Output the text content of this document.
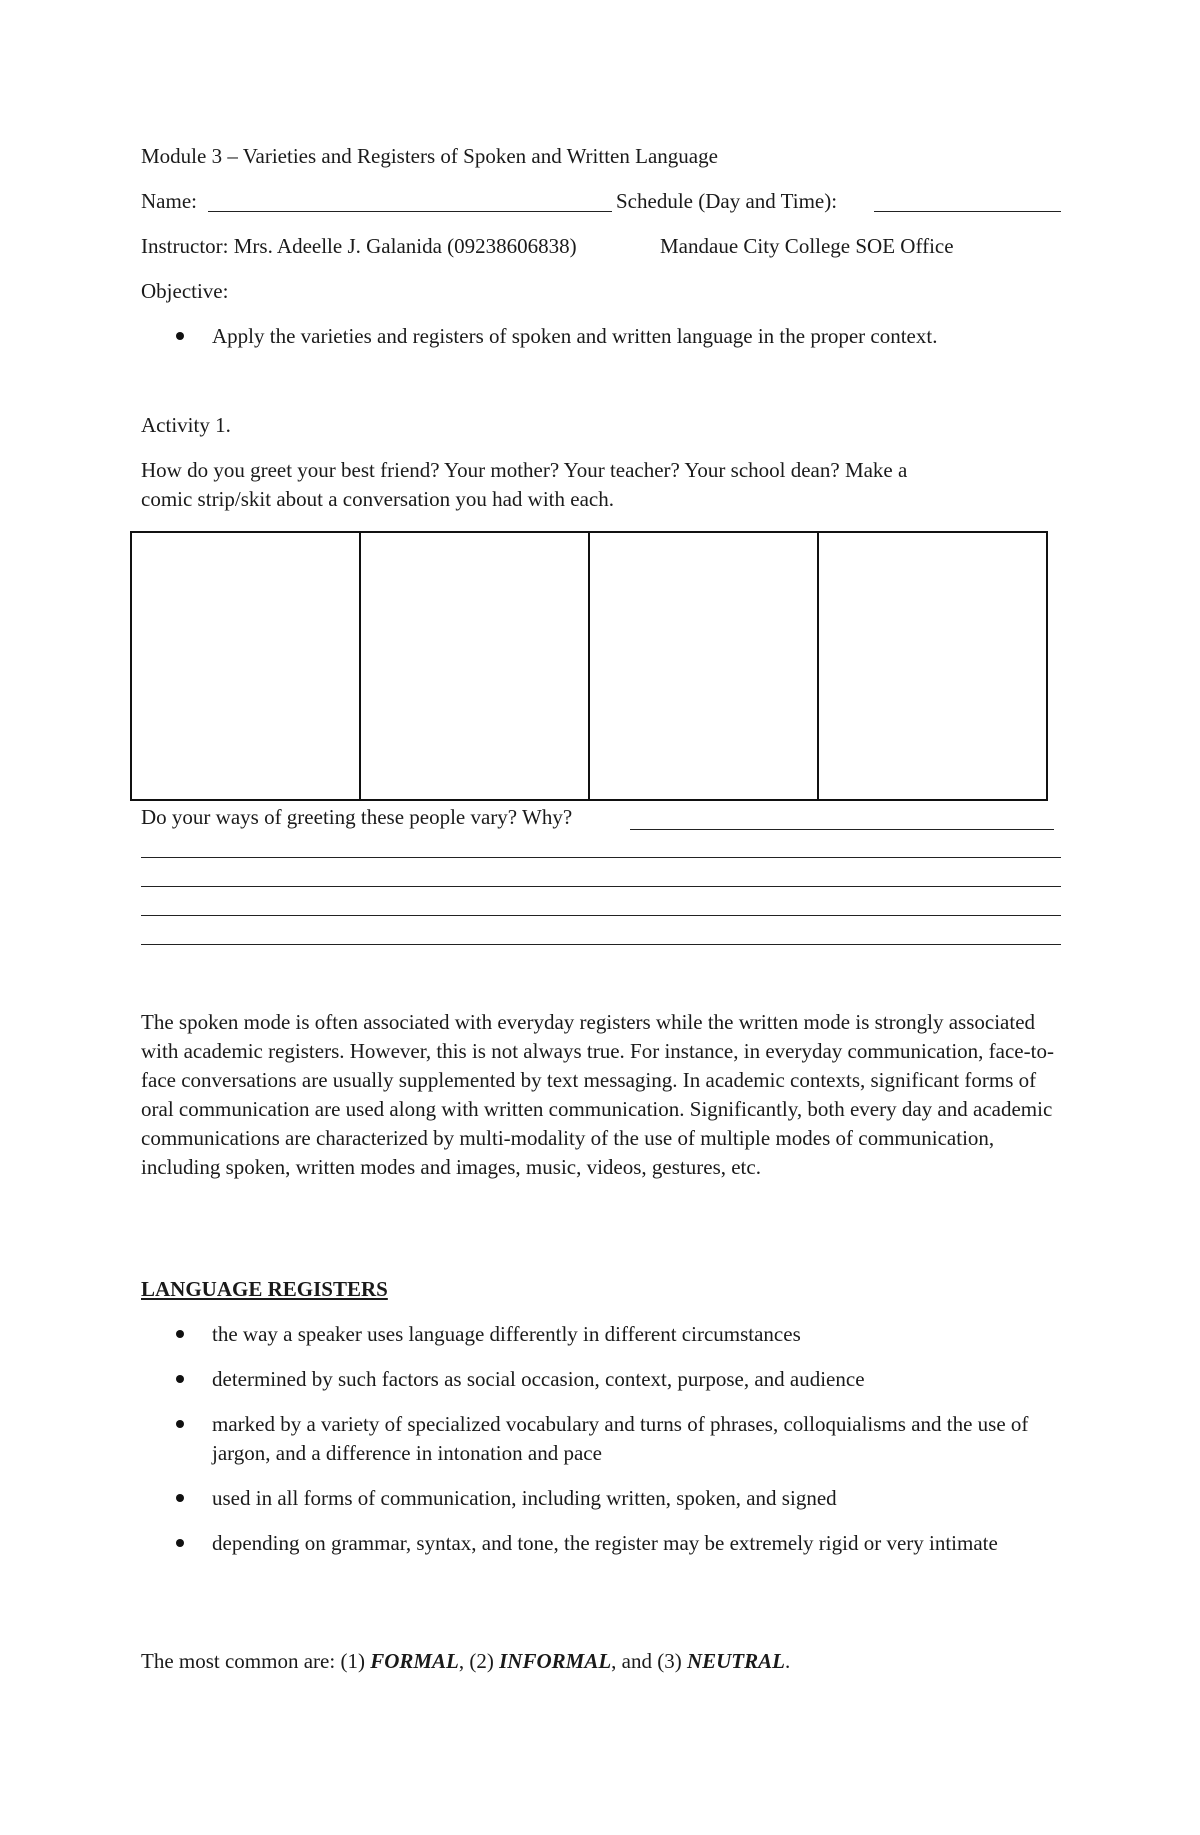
Module 3 – Varieties and Registers of Spoken and Written Language
Name:	Schedule (Day and Time):
Instructor: Mrs. Adeelle J. Galanida (09238606838)	Mandaue City College SOE Office
Objective:
Apply the varieties and registers of spoken and written language in the proper context.
Activity 1.
How do you greet your best friend? Your mother? Your teacher? Your school dean? Make a
comic strip/skit about a conversation you had with each.
Do your ways of greeting these people vary? Why?
The spoken mode is often associated with everyday registers while the written mode is strongly associated with academic registers. However, this is not always true. For instance, in everyday communication, face-to-face conversations are usually supplemented by text messaging. In academic contexts, significant forms of oral communication are used along with written communication. Significantly, both every day and academic communications are characterized by multi-modality of the use of multiple modes of communication, including spoken, written modes and images, music, videos, gestures, etc.
LANGUAGE REGISTERS
the way a speaker uses language differently in different circumstances
determined by such factors as social occasion, context, purpose, and audience
marked by a variety of specialized vocabulary and turns of phrases, colloquialisms and the use of jargon, and a difference in intonation and pace
used in all forms of communication, including written, spoken, and signed
depending on grammar, syntax, and tone, the register may be extremely rigid or very intimate
The most common are: (1) FORMAL, (2) INFORMAL, and (3) NEUTRAL.
